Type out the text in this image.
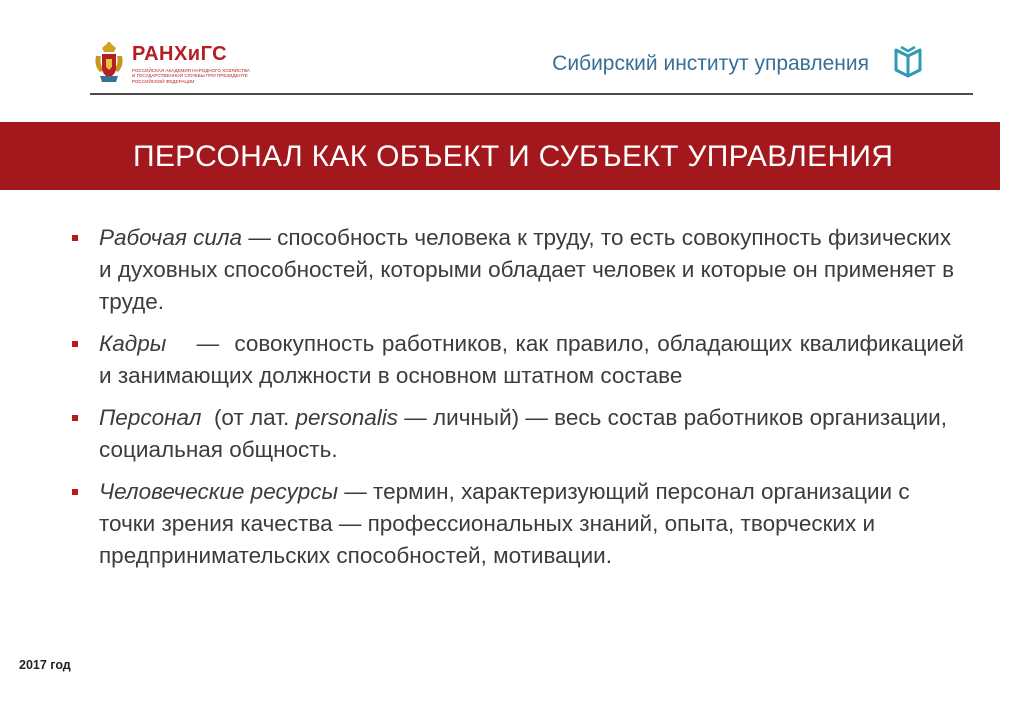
РАНХиГС
РОССИЙСКАЯ АКАДЕМИЯ НАРОДНОГО ХОЗЯЙСТВА И ГОСУДАРСТВЕННОЙ СЛУЖБЫ ПРИ ПРЕЗИДЕНТЕ РОССИЙСКОЙ ФЕДЕРАЦИИ
Сибирский институт управления
ПЕРСОНАЛ КАК ОБЪЕКТ И СУБЪЕКТ УПРАВЛЕНИЯ
Рабочая сила — способность человека к труду, то есть совокупность физических и духовных способностей, которыми обладает человек и которые он применяет в труде.
Кадры    —  совокупность работников, как правило, обладающих квалификацией и занимающих должности в основном штатном составе
Персонал  (от лат. personalis — личный) — весь состав работников организации, социальная общность.
Человеческие ресурсы — термин, характеризующий персонал организации с точки зрения качества — профессиональных знаний, опыта, творческих и предпринимательских способностей, мотивации.
2017 год
